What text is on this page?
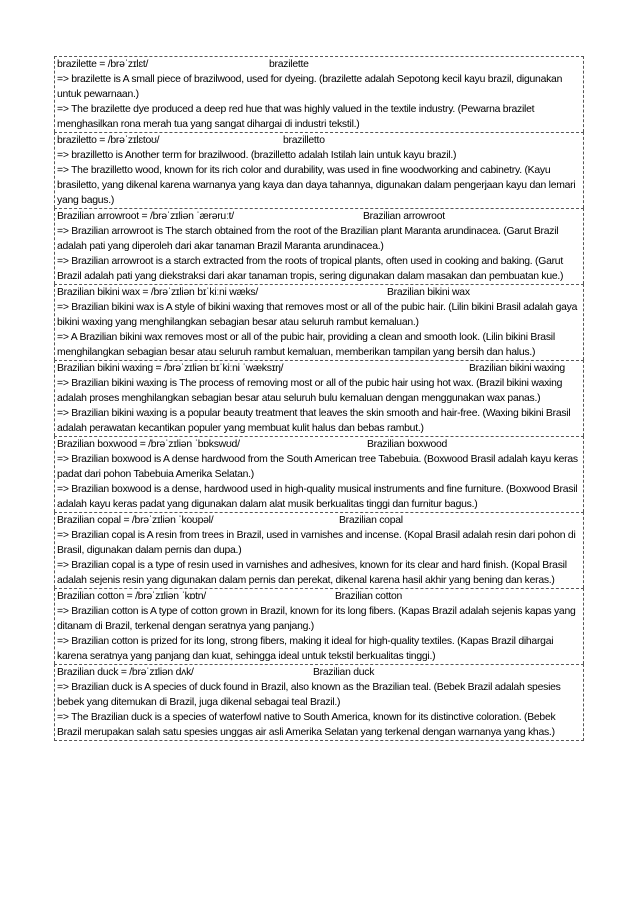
brazilette = /brəˈzɪlɛt/	brazilette
=> brazilette is A small piece of brazilwood, used for dyeing. (brazilette adalah Sepotong kecil kayu brazil, digunakan untuk pewarnaan.)
=> The brazilette dye produced a deep red hue that was highly valued in the textile industry. (Pewarna brazilet menghasilkan rona merah tua yang sangat dihargai di industri tekstil.)
braziletto = /brəˈzɪlɛtoʊ/	brazilletto
=> brazilletto is Another term for brazilwood. (brazilletto adalah Istilah lain untuk kayu brazil.)
=> The brazilletto wood, known for its rich color and durability, was used in fine woodworking and cabinetry. (Kayu brasiletto, yang dikenal karena warnanya yang kaya dan daya tahannya, digunakan dalam pengerjaan kayu dan lemari yang bagus.)
Brazilian arrowroot = /brəˈzɪliən ˈærəruːt/	Brazilian arrowroot
=> Brazilian arrowroot is The starch obtained from the root of the Brazilian plant Maranta arundinacea. (Garut Brazil adalah pati yang diperoleh dari akar tanaman Brazil Maranta arundinacea.)
=> Brazilian arrowroot is a starch extracted from the roots of tropical plants, often used in cooking and baking. (Garut Brazil adalah pati yang diekstraksi dari akar tanaman tropis, sering digunakan dalam masakan dan pembuatan kue.)
Brazilian bikini wax = /brəˈzɪliən bɪˈkiːni wæks/	Brazilian bikini wax
=> Brazilian bikini wax is A style of bikini waxing that removes most or all of the pubic hair. (Lilin bikini Brasil adalah gaya bikini waxing yang menghilangkan sebagian besar atau seluruh rambut kemaluan.)
=> A Brazilian bikini wax removes most or all of the pubic hair, providing a clean and smooth look. (Lilin bikini Brasil menghilangkan sebagian besar atau seluruh rambut kemaluan, memberikan tampilan yang bersih dan halus.)
Brazilian bikini waxing = /brəˈzɪliən bɪˈkiːni ˈwæksɪŋ/	Brazilian bikini waxing
=> Brazilian bikini waxing is The process of removing most or all of the pubic hair using hot wax. (Brazil bikini waxing adalah proses menghilangkan sebagian besar atau seluruh bulu kemaluan dengan menggunakan wax panas.)
=> Brazilian bikini waxing is a popular beauty treatment that leaves the skin smooth and hair-free. (Waxing bikini Brasil adalah perawatan kecantikan populer yang membuat kulit halus dan bebas rambut.)
Brazilian boxwood = /brəˈzɪliən ˈbɒkswʊd/	Brazilian boxwood
=> Brazilian boxwood is A dense hardwood from the South American tree Tabebuia. (Boxwood Brasil adalah kayu keras padat dari pohon Tabebuia Amerika Selatan.)
=> Brazilian boxwood is a dense, hardwood used in high-quality musical instruments and fine furniture. (Boxwood Brasil adalah kayu keras padat yang digunakan dalam alat musik berkualitas tinggi dan furnitur bagus.)
Brazilian copal = /brəˈzɪliən ˈkoʊpəl/	Brazilian copal
=> Brazilian copal is A resin from trees in Brazil, used in varnishes and incense. (Kopal Brasil adalah resin dari pohon di Brasil, digunakan dalam pernis dan dupa.)
=> Brazilian copal is a type of resin used in varnishes and adhesives, known for its clear and hard finish. (Kopal Brasil adalah sejenis resin yang digunakan dalam pernis dan perekat, dikenal karena hasil akhir yang bening dan keras.)
Brazilian cotton = /brəˈzɪliən ˈkɒtn/	Brazilian cotton
=> Brazilian cotton is A type of cotton grown in Brazil, known for its long fibers. (Kapas Brazil adalah sejenis kapas yang ditanam di Brazil, terkenal dengan seratnya yang panjang.)
=> Brazilian cotton is prized for its long, strong fibers, making it ideal for high-quality textiles. (Kapas Brazil dihargai karena seratnya yang panjang dan kuat, sehingga ideal untuk tekstil berkualitas tinggi.)
Brazilian duck = /brəˈzɪliən dʌk/	Brazilian duck
=> Brazilian duck is A species of duck found in Brazil, also known as the Brazilian teal. (Bebek Brazil adalah spesies bebek yang ditemukan di Brazil, juga dikenal sebagai teal Brazil.)
=> The Brazilian duck is a species of waterfowl native to South America, known for its distinctive coloration. (Bebek Brazil merupakan salah satu spesies unggas air asli Amerika Selatan yang terkenal dengan warnanya yang khas.)
